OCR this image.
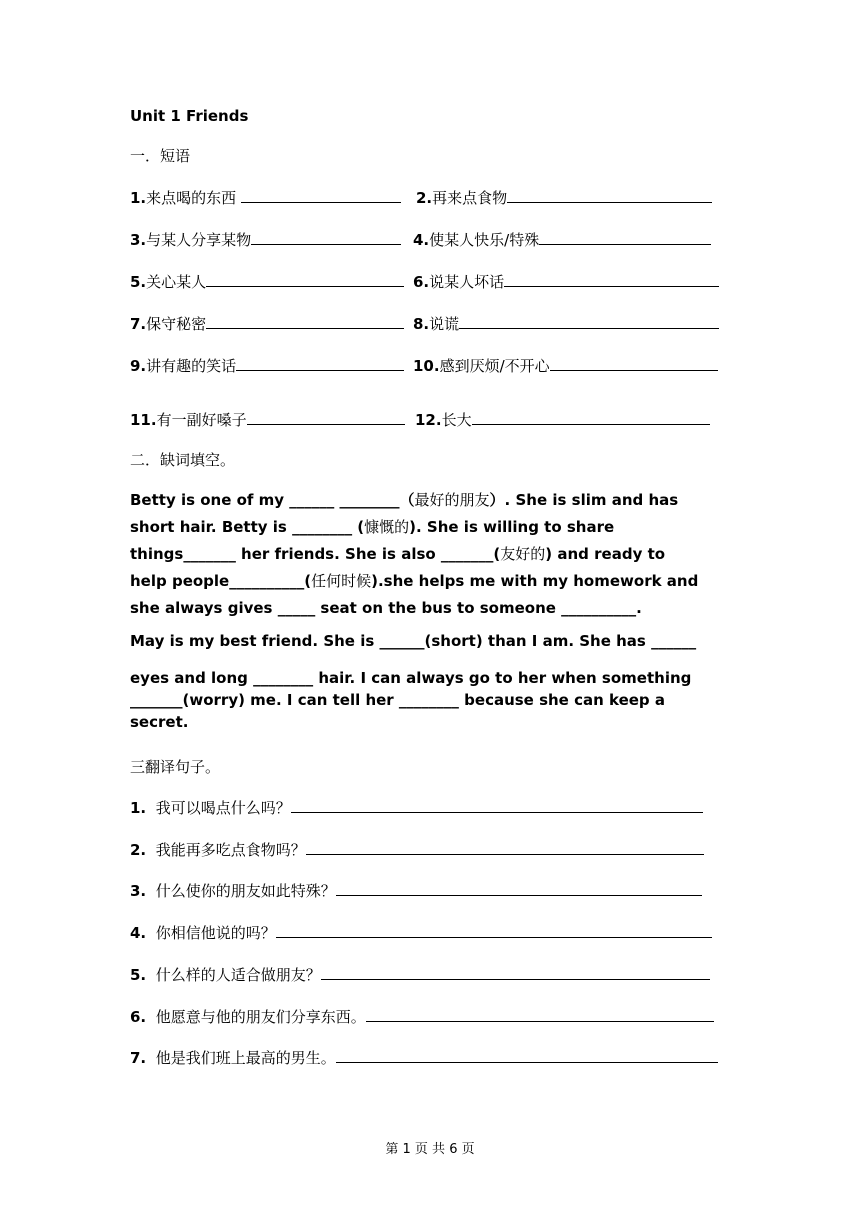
Unit 1 Friends
一．短语
1.来点喝的东西	2.再来点食物
3.与某人分享某物	4.使某人快乐/特殊
5.关心某人	6.说某人坏话
7.保守秘密	8.说谎
9.讲有趣的笑话	10.感到厌烦/不开心
11.有一副好嗓子	12.长大
二．缺词填空。
Betty is one of my ______ ________（最好的朋友）. She is slim and has
short hair. Betty is ________ (慷慨的). She is willing to share
things_______ her friends. She is also _______(友好的) and ready to
help people__________(任何时候).she helps me with my homework and
she always gives _____ seat on the bus to someone __________.
May is my best friend. She is ______(short) than I am. She has ______
eyes and long ________ hair. I can always go to her when something
_______(worry) me. I can tell her ________ because she can keep a
secret.
三翻译句子。
1. 我可以喝点什么吗？
2. 我能再多吃点食物吗？
3. 什么使你的朋友如此特殊？
4. 你相信他说的吗？
5. 什么样的人适合做朋友？
6. 他愿意与他的朋友们分享东西。
7. 他是我们班上最高的男生。
第 1 页 共 6 页
